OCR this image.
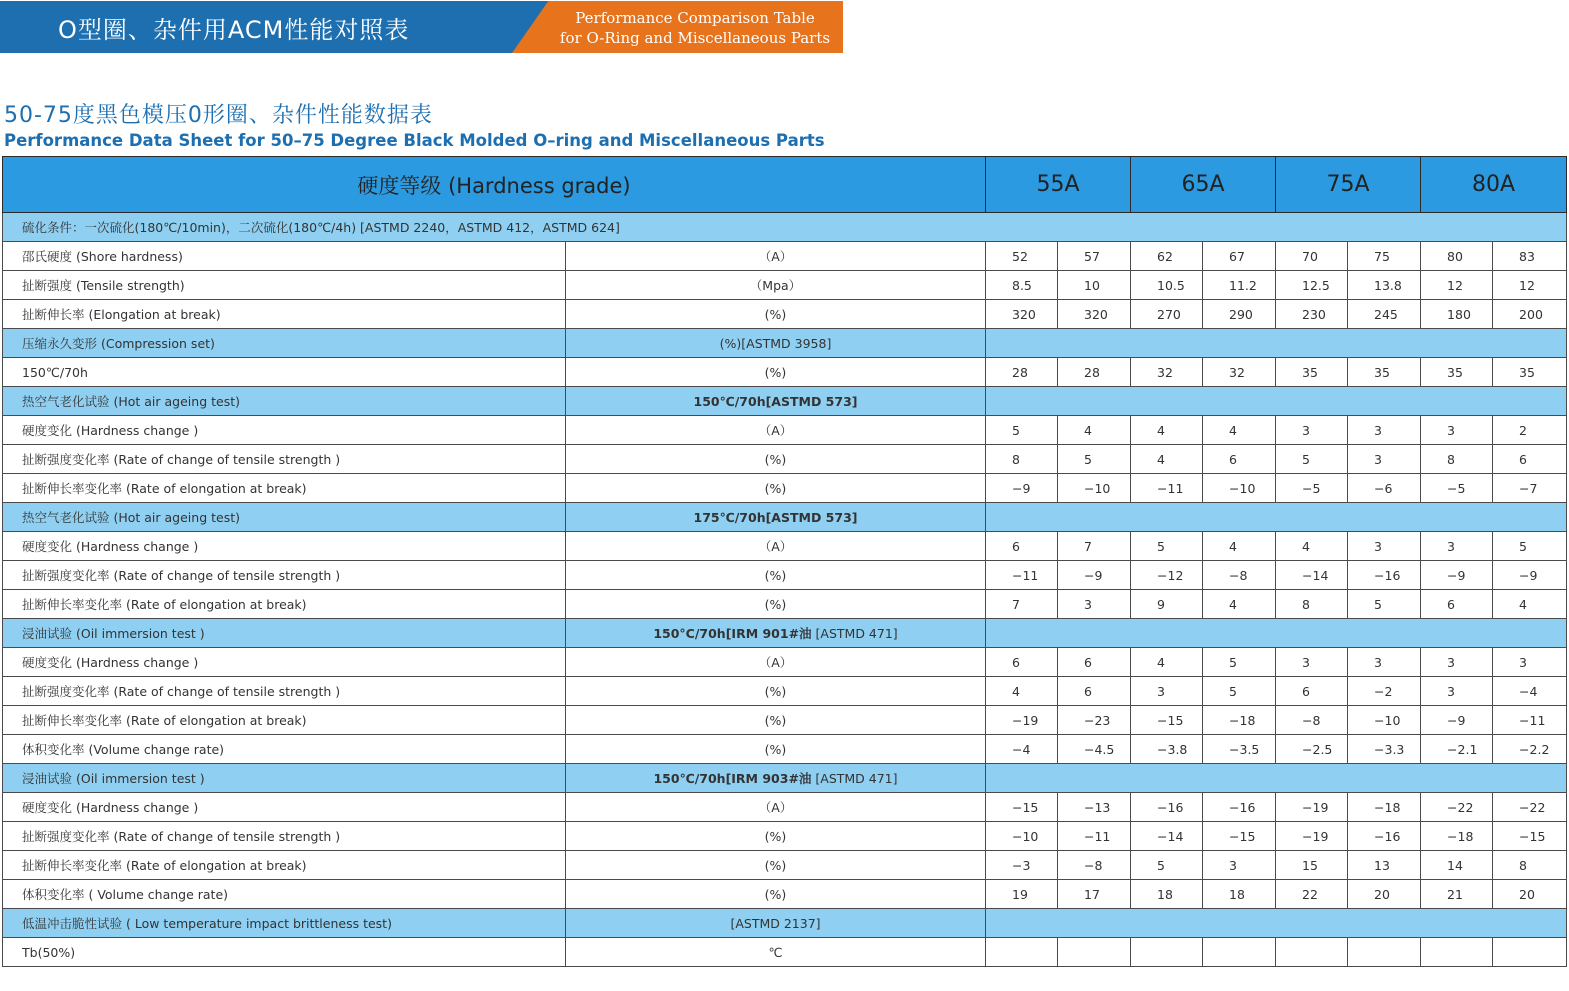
O型圈、杂件用ACM性能对照表	Performance Comparison Table
for O-Ring and Miscellaneous Parts
50-75度黑色模压0形圈、杂件性能数据表
Performance Data Sheet for 50–75 Degree Black Molded O–ring and Miscellaneous Parts
硬度等级 (Hardness grade)		55A		65A		75A		80A	
硫化条件：一次硫化(180℃/10min)，二次硫化(180℃/4h) [ASTMD 2240，ASTMD 412，ASTMD 624]									
邵氏硬度 (Shore hardness)	（A）	52	57	62	67	70	75	80	83
扯断强度 (Tensile strength)	（Mpa）	8.5	10	10.5	11.2	12.5	13.8	12	12
扯断伸长率 (Elongation at break)	(%)	320	320	270	290	230	245	180	200
压缩永久变形 (Compression set)	(%)[ASTMD 3958]								
150℃/70h	(%)	28	28	32	32	35	35	35	35
热空气老化试验 (Hot air ageing test)	150℃/70h[ASTMD 573]								
硬度变化 (Hardness change )	（A）	5	4	4	4	3	3	3	2
扯断强度变化率 (Rate of change of tensile strength )	(%)	8	5	4	6	5	3	8	6
扯断伸长率变化率 (Rate of elongation at break)	(%)	−9	−10	−11	−10	−5	−6	−5	−7
热空气老化试验 (Hot air ageing test)	175℃/70h[ASTMD 573]								
硬度变化 (Hardness change )	（A）	6	7	5	4	4	3	3	5
扯断强度变化率 (Rate of change of tensile strength )	(%)	−11	−9	−12	−8	−14	−16	−9	−9
扯断伸长率变化率 (Rate of elongation at break)	(%)	7	3	9	4	8	5	6	4
浸油试验 (Oil immersion test )	150°C/70h[IRM 901#油 [ASTMD 471]								
硬度变化 (Hardness change )	（A）	6	6	4	5	3	3	3	3
扯断强度变化率 (Rate of change of tensile strength )	(%)	4	6	3	5	6	−2	3	−4
扯断伸长率变化率 (Rate of elongation at break)	(%)	−19	−23	−15	−18	−8	−10	−9	−11
体积变化率 (Volume change rate)	(%)	−4	−4.5	−3.8	−3.5	−2.5	−3.3	−2.1	−2.2
浸油试验 (Oil immersion test )	150℃/70h[IRM 903#油 [ASTMD 471]								
硬度变化 (Hardness change )	（A）	−15	−13	−16	−16	−19	−18	−22	−22
扯断强度变化率 (Rate of change of tensile strength )	(%)	−10	−11	−14	−15	−19	−16	−18	−15
扯断伸长率变化率 (Rate of elongation at break)	(%)	−3	−8	5	3	15	13	14	8
体积变化率 ( Volume change rate)	(%)	19	17	18	18	22	20	21	20
低温冲击脆性试验 ( Low temperature impact brittleness test)	[ASTMD 2137]								
Tb(50%)	℃								
